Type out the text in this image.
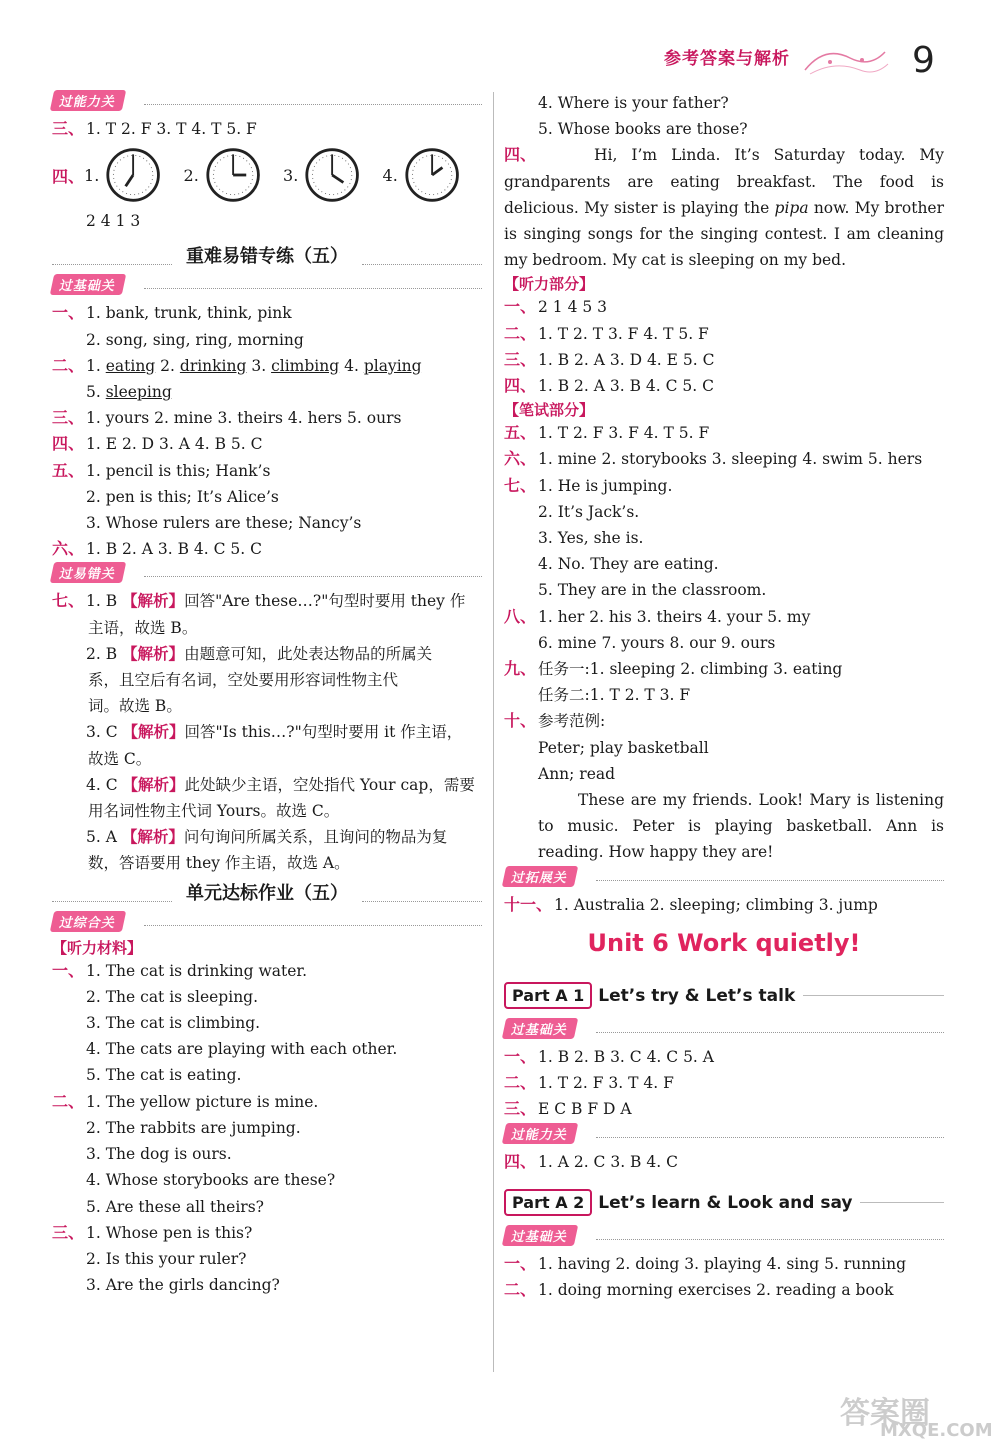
参考答案与解析	9
过能力关
三、 1. T 2. F 3. T 4. T 5. F
四、 1.	2.	3.	4.
2 4 1 3
重难易错专练（五）
过基础关
一、 1. bank, trunk, think, pink
2. song, sing, ring, morning
二、 1. eating 2. drinking 3. climbing 4. playing
5. sleeping
三、 1. yours 2. mine 3. theirs 4. hers 5. ours
四、 1. E 2. D 3. A 4. B 5. C
五、 1. pencil is this; Hank’s
2. pen is this; It’s Alice’s
3. Whose rulers are these; Nancy’s
六、 1. B 2. A 3. B 4. C 5. C
过易错关
七、 1. B 【解析】回答"Are these…?"句型时要用 they 作
主语，故选 B。
2. B 【解析】由题意可知，此处表达物品的所属关
系，且空后有名词，空处要用形容词性物主代
词。故选 B。
3. C 【解析】回答"Is this…?"句型时要用 it 作主语，
故选 C。
4. C 【解析】此处缺少主语，空处指代 Your cap，需要
用名词性物主代词 Yours。故选 C。
5. A 【解析】问句询问所属关系，且询问的物品为复
数，答语要用 they 作主语，故选 A。
单元达标作业（五）
过综合关
【听力材料】
一、 1. The cat is drinking water.
2. The cat is sleeping.
3. The cat is climbing.
4. The cats are playing with each other.
5. The cat is eating.
二、 1. The yellow picture is mine.
2. The rabbits are jumping.
3. The dog is ours.
4. Whose storybooks are these?
5. Are these all theirs?
三、 1. Whose pen is this?
2. Is this your ruler?
3. Are the girls dancing?
4. Where is your father?
5. Whose books are those?
四、	Hi, I’m Linda. It’s Saturday today. My grandparents are eating breakfast. The food is delicious. My sister is playing the pipa now. My brother is singing songs for the singing contest. I am cleaning my bedroom. My cat is sleeping on my bed.
【听力部分】
一、 2 1 4 5 3
二、 1. T 2. T 3. F 4. T 5. F
三、 1. B 2. A 3. D 4. E 5. C
四、 1. B 2. A 3. B 4. C 5. C
【笔试部分】
五、 1. T 2. F 3. F 4. T 5. F
六、 1. mine 2. storybooks 3. sleeping 4. swim 5. hers
七、 1. He is jumping.
2. It’s Jack’s.
3. Yes, she is.
4. No. They are eating.
5. They are in the classroom.
八、 1. her 2. his 3. theirs 4. your 5. my
6. mine 7. yours 8. our 9. ours
九、 任务一:1. sleeping 2. climbing 3. eating
任务二:1. T 2. T 3. F
十、 参考范例:
Peter; play basketball
Ann; read
These are my friends. Look! Mary is listening to music. Peter is playing basketball. Ann is reading. How happy they are!
过拓展关
十一、 1. Australia 2. sleeping; climbing 3. jump
Unit 6 Work quietly!
Part A 1 Let’s try & Let’s talk
过基础关
一、 1. B 2. B 3. C 4. C 5. A
二、 1. T 2. F 3. T 4. F
三、 E C B F D A
过能力关
四、 1. A 2. C 3. B 4. C
Part A 2 Let’s learn & Look and say
过基础关
一、 1. having 2. doing 3. playing 4. sing 5. running
二、 1. doing morning exercises 2. reading a book
答案圈
MXQE.COM
